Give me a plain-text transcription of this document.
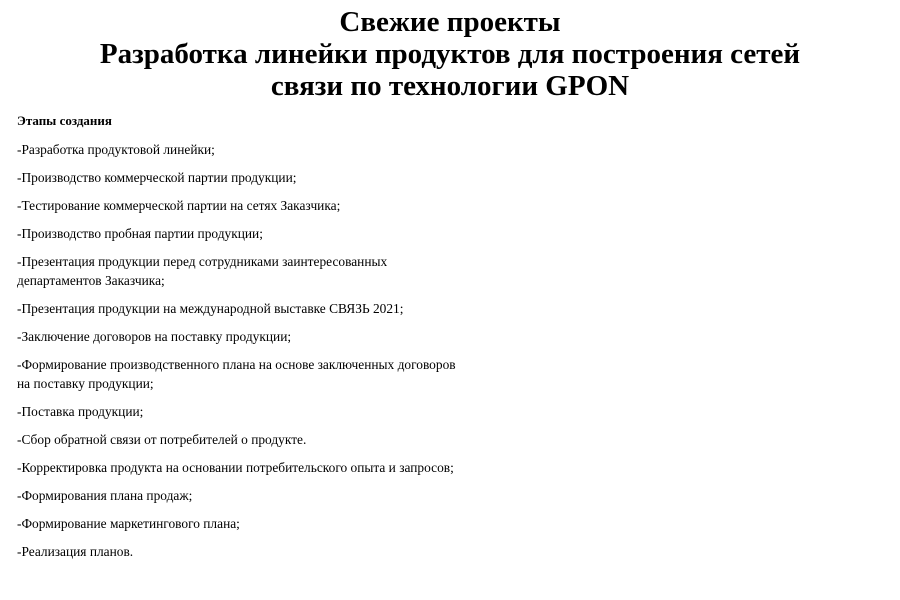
Свежие проекты
Разработка линейки продуктов для построения сетей
связи по технологии GPON
Этапы создания
-Разработка продуктовой линейки;
-Производство коммерческой партии продукции;
-Тестирование коммерческой партии на сетях Заказчика;
-Производство пробная партии продукции;
-Презентация продукции перед сотрудниками заинтересованных
департаментов Заказчика;
-Презентация продукции на международной выставке СВЯЗЬ 2021;
-Заключение договоров на поставку продукции;
-Формирование производственного плана на основе заключенных договоров
на поставку продукции;
-Поставка продукции;
-Сбор обратной связи от потребителей о продукте.
-Корректировка продукта на основании потребительского опыта и запросов;
-Формирования плана продаж;
-Формирование маркетингового плана;
-Реализация планов.
